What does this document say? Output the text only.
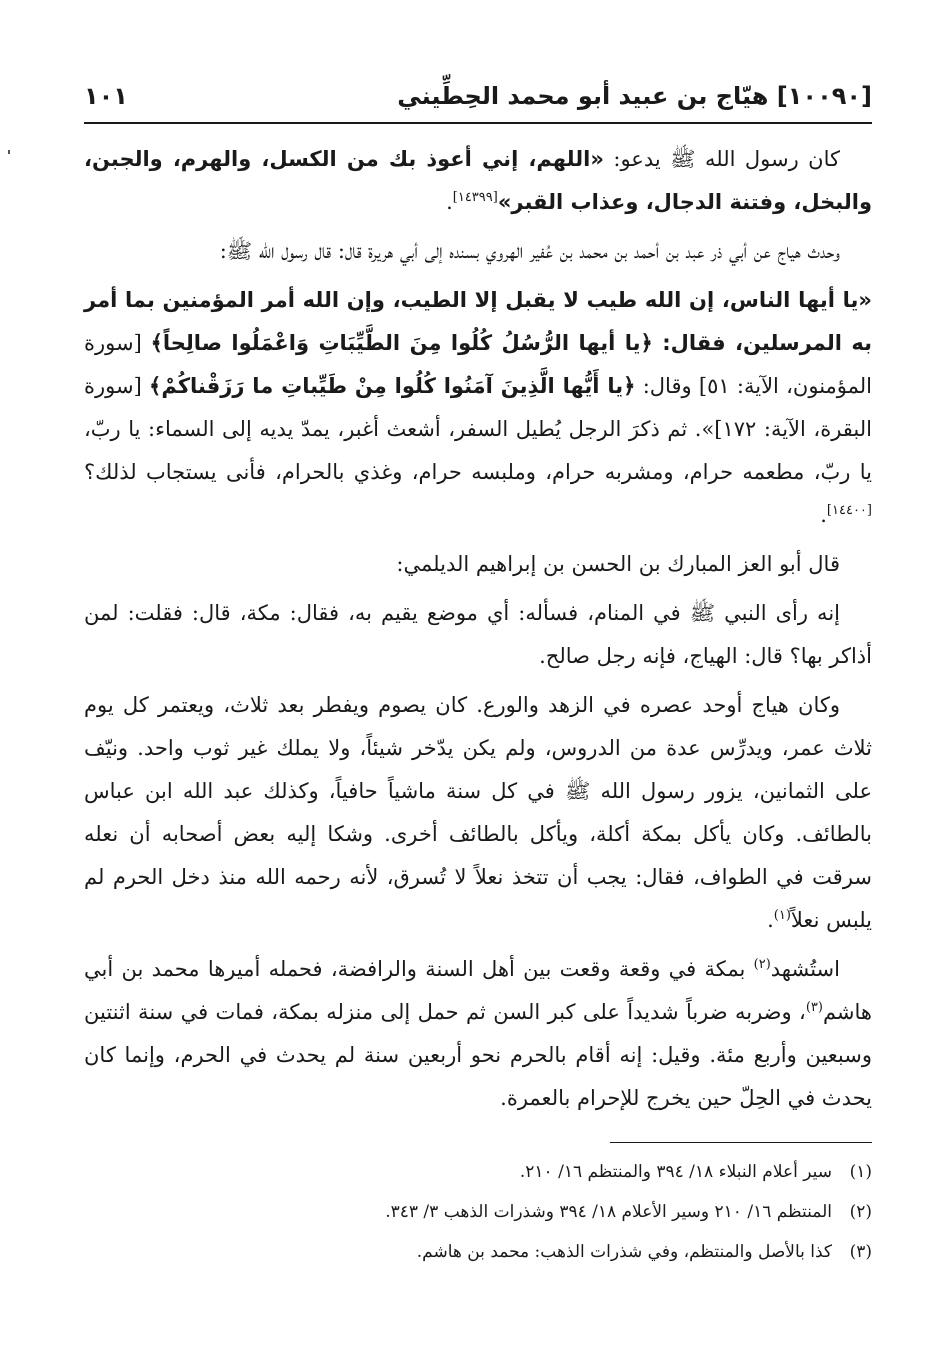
[١٠٠٩٠] هيّاج بن عبيد أبو محمد الحِطِّيني
١٠١

كان رسول الله ﷺ يدعو: «اللهم، إني أعوذ بك من الكسل، والهرم، والجبن، والبخل، وفتنة الدجال، وعذاب القبر»[١٤٣٩٩].

وحدث هياج عن أبي ذر عبد بن أحمد بن محمد بن عُفير الهروي بسنده إلى أبي هريرة قال: قال رسول الله ﷺ:

«يا أيها الناس، إن الله طيب لا يقبل إلا الطيب، وإن الله أمر المؤمنين بما أمر به المرسلين، فقال: ﴿يا أيها الرُّسُلُ كُلُوا مِنَ الطَّيِّبَاتِ وَاعْمَلُوا صالِحاً﴾ [سورة المؤمنون، الآية: ٥١] وقال: ﴿يا أَيُّها الَّذِينَ آمَنُوا كُلُوا مِنْ طَيِّباتِ ما رَزَقْناكُمْ﴾ [سورة البقرة، الآية: ١٧٢]». ثم ذكرَ الرجل يُطيل السفر، أشعث أغبر، يمدّ يديه إلى السماء: يا ربّ، يا ربّ، مطعمه حرام، ومشربه حرام، وملبسه حرام، وغذي بالحرام، فأنى يستجاب لذلك؟[١٤٤٠٠].

قال أبو العز المبارك بن الحسن بن إبراهيم الديلمي:

إنه رأى النبي ﷺ في المنام، فسأله: أي موضع يقيم به، فقال: مكة، قال: فقلت: لمن أذاكر بها؟ قال: الهياج، فإنه رجل صالح.

وكان هياج أوحد عصره في الزهد والورع. كان يصوم ويفطر بعد ثلاث، ويعتمر كل يوم ثلاث عمر، ويدرِّس عدة من الدروس، ولم يكن يدّخر شيئاً، ولا يملك غير ثوب واحد. ونيّف على الثمانين، يزور رسول الله ﷺ في كل سنة ماشياً حافياً، وكذلك عبد الله ابن عباس بالطائف. وكان يأكل بمكة أكلة، ويأكل بالطائف أخرى. وشكا إليه بعض أصحابه أن نعله سرقت في الطواف، فقال: يجب أن تتخذ نعلاً لا تُسرق، لأنه رحمه الله منذ دخل الحرم لم يلبس نعلاً$^{(١)}$.

استُشهد$^{(٢)}$ بمكة في وقعة وقعت بين أهل السنة والرافضة، فحمله أميرها محمد بن أبي هاشم$^{(٣)}$، وضربه ضرباً شديداً على كبر السن ثم حمل إلى منزله بمكة، فمات في سنة اثنتين وسبعين وأربع مئة. وقيل: إنه أقام بالحرم نحو أربعين سنة لم يحدث في الحرم، وإنما كان يحدث في الحِلّ حين يخرج للإحرام بالعمرة.

(١)سير أعلام النبلاء ١٨/ ٣٩٤ والمنتظم ١٦/ ٢١٠.
(٢)المنتظم ١٦/ ٢١٠ وسير الأعلام ١٨/ ٣٩٤ وشذرات الذهب ٣/ ٣٤٣.
(٣)كذا بالأصل والمنتظم، وفي شذرات الذهب: محمد بن هاشم.
